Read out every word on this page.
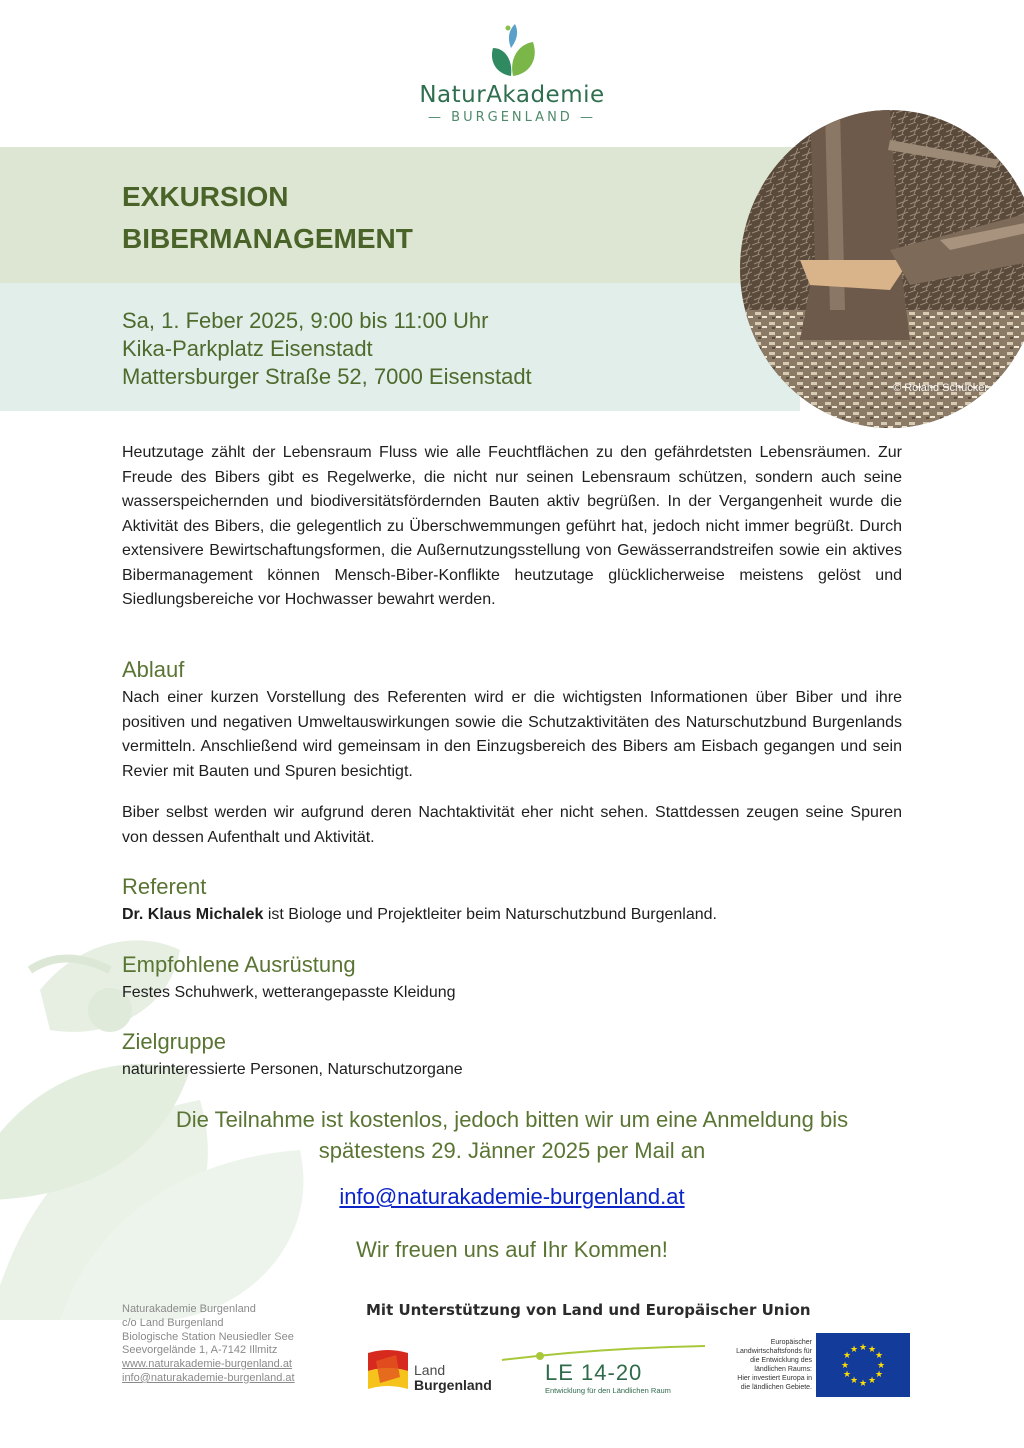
NaturAkademie
— BURGENLAND —
EXKURSION
BIBERMANAGEMENT
Sa, 1. Feber 2025, 9:00 bis 11:00 Uhr
Kika-Parkplatz Eisenstadt
Mattersburger Straße 52, 7000 Eisenstadt	© Roland Schücker
Heutzutage zählt der Lebensraum Fluss wie alle Feuchtflächen zu den gefährdetsten Lebensräumen. Zur Freude des Bibers gibt es Regelwerke, die nicht nur seinen Lebensraum schützen, sondern auch seine wasserspeichernden und biodiversitätsfördernden Bauten aktiv begrüßen. In der Vergangenheit wurde die Aktivität des Bibers, die gelegentlich zu Überschwemmungen geführt hat, jedoch nicht immer begrüßt. Durch extensivere Bewirtschaftungsformen, die Außernutzungsstellung von Gewässerrandstreifen sowie ein aktives Bibermanagement können Mensch-Biber-Konflikte heutzutage glücklicherweise meistens gelöst und Siedlungsbereiche vor Hochwasser bewahrt werden.
Ablauf
Nach einer kurzen Vorstellung des Referenten wird er die wichtigsten Informationen über Biber und ihre positiven und negativen Umweltauswirkungen sowie die Schutzaktivitäten des Naturschutzbund Burgenlands vermitteln. Anschließend wird gemeinsam in den Einzugsbereich des Bibers am Eisbach gegangen und sein Revier mit Bauten und Spuren besichtigt.
Biber selbst werden wir aufgrund deren Nachtaktivität eher nicht sehen. Stattdessen zeugen seine Spuren von dessen Aufenthalt und Aktivität.
Referent
Dr. Klaus Michalek ist Biologe und Projektleiter beim Naturschutzbund Burgenland.
Empfohlene Ausrüstung
Festes Schuhwerk, wetterangepasste Kleidung
Zielgruppe
naturinteressierte Personen, Naturschutzorgane
Die Teilnahme ist kostenlos, jedoch bitten wir um eine Anmeldung bis
spätestens 29. Jänner 2025 per Mail an
info@naturakademie-burgenland.at
Wir freuen uns auf Ihr Kommen!
Naturakademie Burgenland
c/o Land Burgenland
Biologische Station Neusiedler See
Seevorgelände 1, A-7142 Illmitz
www.naturakademie-burgenland.at
info@naturakademie-burgenland.at
Mit Unterstützung von Land und Europäischer Union
Land
Burgenland LE 14-20
Entwicklung für den Ländlichen Raum
Europäischer
Landwirtschaftsfonds für
die Entwicklung des
ländlichen Raums:
Hier investiert Europa in
die ländlichen Gebiete.
★ ★
★
★
★
★
★
★
★
★
★
★
